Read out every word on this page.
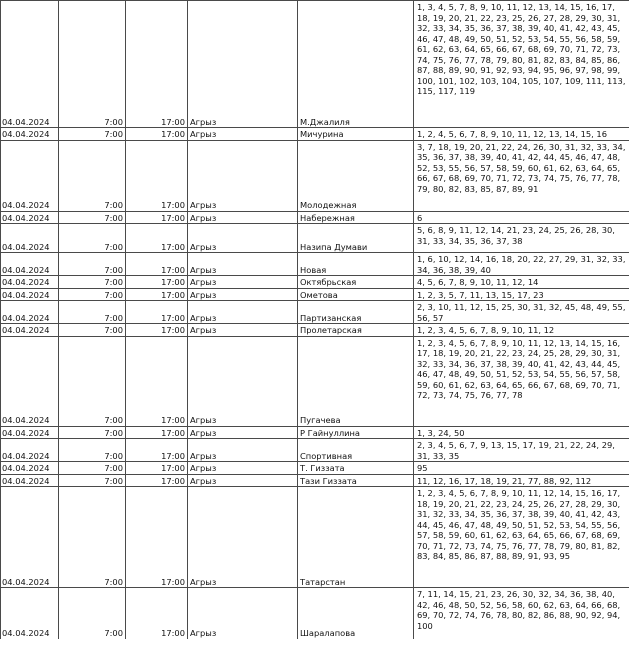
04.04.2024	7:00	17:00	Агрыз	М.Джалиля	1, 3, 4, 5, 7, 8, 9, 10, 11, 12, 13, 14, 15, 16, 17, 18, 19, 20, 21, 22, 23, 25, 26, 27, 28, 29, 30, 31, 32, 33, 34, 35, 36, 37, 38, 39, 40, 41, 42, 43, 45, 46, 47, 48, 49, 50, 51, 52, 53, 54, 55, 56, 58, 59, 61, 62, 63, 64, 65, 66, 67, 68, 69, 70, 71, 72, 73, 74, 75, 76, 77, 78, 79, 80, 81, 82, 83, 84, 85, 86, 87, 88, 89, 90, 91, 92, 93, 94, 95, 96, 97, 98, 99, 100, 101, 102, 103, 104, 105, 107, 109, 111, 113, 115, 117, 119
04.04.2024	7:00	17:00	Агрыз	Мичурина	1, 2, 4, 5, 6, 7, 8, 9, 10, 11, 12, 13, 14, 15, 16
04.04.2024	7:00	17:00	Агрыз	Молодежная	3, 7, 18, 19, 20, 21, 22, 24, 26, 30, 31, 32, 33, 34, 35, 36, 37, 38, 39, 40, 41, 42, 44, 45, 46, 47, 48, 52, 53, 55, 56, 57, 58, 59, 60, 61, 62, 63, 64, 65, 66, 67, 68, 69, 70, 71, 72, 73, 74, 75, 76, 77, 78, 79, 80, 82, 83, 85, 87, 89, 91
04.04.2024	7:00	17:00	Агрыз	Набережная	6
04.04.2024	7:00	17:00	Агрыз	Назипа Думави	5, 6, 8, 9, 11, 12, 14, 21, 23, 24, 25, 26, 28, 30, 31, 33, 34, 35, 36, 37, 38
04.04.2024	7:00	17:00	Агрыз	Новая	1, 6, 10, 12, 14, 16, 18, 20, 22, 27, 29, 31, 32, 33, 34, 36, 38, 39, 40
04.04.2024	7:00	17:00	Агрыз	Октябрьская	4, 5, 6, 7, 8, 9, 10, 11, 12, 14
04.04.2024	7:00	17:00	Агрыз	Ометова	1, 2, 3, 5, 7, 11, 13, 15, 17, 23
04.04.2024	7:00	17:00	Агрыз	Партизанская	2, 3, 10, 11, 12, 15, 25, 30, 31, 32, 45, 48, 49, 55, 56, 57
04.04.2024	7:00	17:00	Агрыз	Пролетарская	1, 2, 3, 4, 5, 6, 7, 8, 9, 10, 11, 12
04.04.2024	7:00	17:00	Агрыз	Пугачева	1, 2, 3, 4, 5, 6, 7, 8, 9, 10, 11, 12, 13, 14, 15, 16, 17, 18, 19, 20, 21, 22, 23, 24, 25, 28, 29, 30, 31, 32, 33, 34, 36, 37, 38, 39, 40, 41, 42, 43, 44, 45, 46, 47, 48, 49, 50, 51, 52, 53, 54, 55, 56, 57, 58, 59, 60, 61, 62, 63, 64, 65, 66, 67, 68, 69, 70, 71, 72, 73, 74, 75, 76, 77, 78
04.04.2024	7:00	17:00	Агрыз	Р Гайнуллина	1, 3, 24, 50
04.04.2024	7:00	17:00	Агрыз	Спортивная	2, 3, 4, 5, 6, 7, 9, 13, 15, 17, 19, 21, 22, 24, 29, 31, 33, 35
04.04.2024	7:00	17:00	Агрыз	Т. Гиззата	95
04.04.2024	7:00	17:00	Агрыз	Тази Гиззата	11, 12, 16, 17, 18, 19, 21, 77, 88, 92, 112
04.04.2024	7:00	17:00	Агрыз	Татарстан	1, 2, 3, 4, 5, 6, 7, 8, 9, 10, 11, 12, 14, 15, 16, 17, 18, 19, 20, 21, 22, 23, 24, 25, 26, 27, 28, 29, 30, 31, 32, 33, 34, 35, 36, 37, 38, 39, 40, 41, 42, 43, 44, 45, 46, 47, 48, 49, 50, 51, 52, 53, 54, 55, 56, 57, 58, 59, 60, 61, 62, 63, 64, 65, 66, 67, 68, 69, 70, 71, 72, 73, 74, 75, 76, 77, 78, 79, 80, 81, 82, 83, 84, 85, 86, 87, 88, 89, 91, 93, 95
04.04.2024	7:00	17:00	Агрыз	Шаралапова	7, 11, 14, 15, 21, 23, 26, 30, 32, 34, 36, 38, 40, 42, 46, 48, 50, 52, 56, 58, 60, 62, 63, 64, 66, 68, 69, 70, 72, 74, 76, 78, 80, 82, 86, 88, 90, 92, 94, 100
